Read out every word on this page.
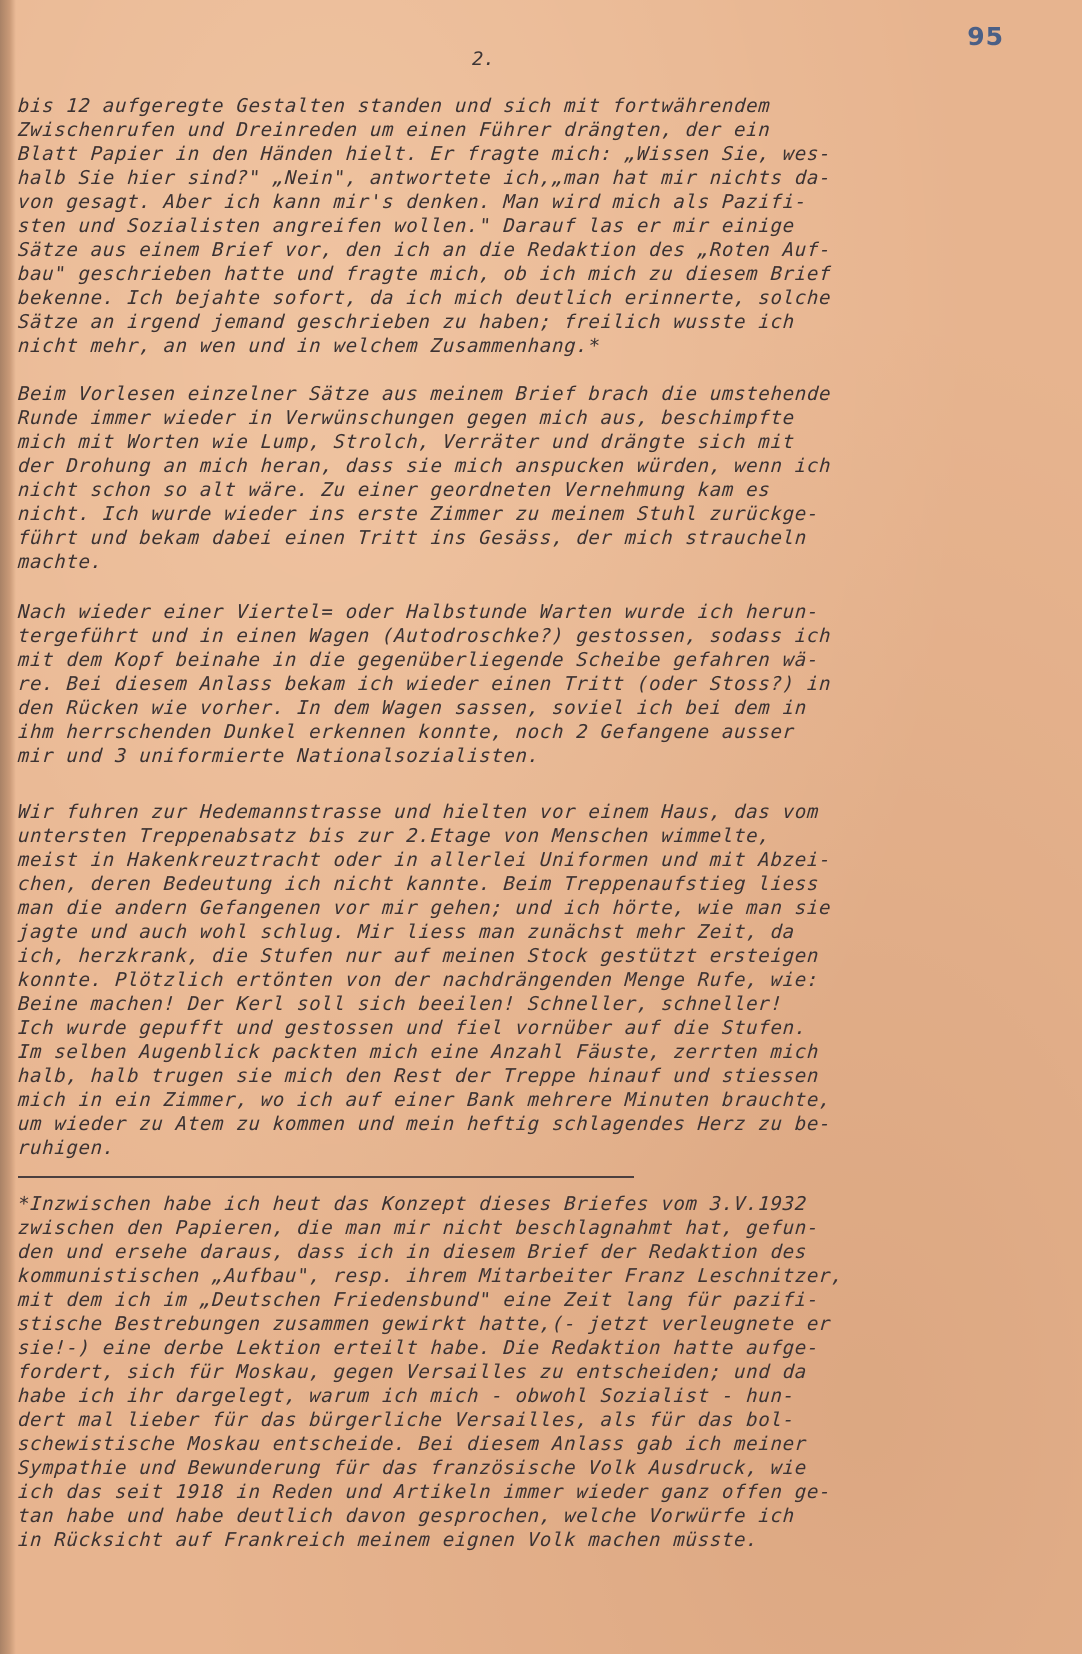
95
2.

bis 12 aufgeregte Gestalten standen und sich mit fortwährendem

Zwischenrufen und Dreinreden um einen Führer drängten, der ein

Blatt Papier in den Händen hielt. Er fragte mich: „Wissen Sie, wes-

halb Sie hier sind?" „Nein", antwortete ich,„man hat mir nichts da-

von gesagt. Aber ich kann mir's denken. Man wird mich als Pazifi-

sten und Sozialisten angreifen wollen." Darauf las er mir einige

Sätze aus einem Brief vor, den ich an die Redaktion des „Roten Auf-

bau" geschrieben hatte und fragte mich, ob ich mich zu diesem Brief

bekenne. Ich bejahte sofort, da ich mich deutlich erinnerte, solche

Sätze an irgend jemand geschrieben zu haben; freilich wusste ich

nicht mehr, an wen und in welchem Zusammenhang.*

Beim Vorlesen einzelner Sätze aus meinem Brief brach die umstehende

Runde immer wieder in Verwünschungen gegen mich aus, beschimpfte

mich mit Worten wie Lump, Strolch, Verräter und drängte sich mit

der Drohung an mich heran, dass sie mich anspucken würden, wenn ich

nicht schon so alt wäre. Zu einer geordneten Vernehmung kam es

nicht. Ich wurde wieder ins erste Zimmer zu meinem Stuhl zurückge-

führt und bekam dabei einen Tritt ins Gesäss, der mich straucheln

machte.

Nach wieder einer Viertel= oder Halbstunde Warten wurde ich herun-

tergeführt und in einen Wagen (Autodroschke?) gestossen, sodass ich

mit dem Kopf beinahe in die gegenüberliegende Scheibe gefahren wä-

re. Bei diesem Anlass bekam ich wieder einen Tritt (oder Stoss?) in

den Rücken wie vorher. In dem Wagen sassen, soviel ich bei dem in

ihm herrschenden Dunkel erkennen konnte, noch 2 Gefangene ausser

mir und 3 uniformierte Nationalsozialisten.

Wir fuhren zur Hedemannstrasse und hielten vor einem Haus, das vom

untersten Treppenabsatz bis zur 2.Etage von Menschen wimmelte,

meist in Hakenkreuztracht oder in allerlei Uniformen und mit Abzei-

chen, deren Bedeutung ich nicht kannte. Beim Treppenaufstieg liess

man die andern Gefangenen vor mir gehen; und ich hörte, wie man sie

jagte und auch wohl schlug. Mir liess man zunächst mehr Zeit, da

ich, herzkrank, die Stufen nur auf meinen Stock gestützt ersteigen

konnte. Plötzlich ertönten von der nachdrängenden Menge Rufe, wie:

Beine machen! Der Kerl soll sich beeilen! Schneller, schneller!

Ich wurde gepufft und gestossen und fiel vornüber auf die Stufen.

Im selben Augenblick packten mich eine Anzahl Fäuste, zerrten mich

halb, halb trugen sie mich den Rest der Treppe hinauf und stiessen

mich in ein Zimmer, wo ich auf einer Bank mehrere Minuten brauchte,

um wieder zu Atem zu kommen und mein heftig schlagendes Herz zu be-

ruhigen.

*Inzwischen habe ich heut das Konzept dieses Briefes vom 3.V.1932

zwischen den Papieren, die man mir nicht beschlagnahmt hat, gefun-

den und ersehe daraus, dass ich in diesem Brief der Redaktion des

kommunistischen „Aufbau", resp. ihrem Mitarbeiter Franz Leschnitzer,

mit dem ich im „Deutschen Friedensbund" eine Zeit lang für pazifi-

stische Bestrebungen zusammen gewirkt hatte,(- jetzt verleugnete er

sie!-) eine derbe Lektion erteilt habe. Die Redaktion hatte aufge-

fordert, sich für Moskau, gegen Versailles zu entscheiden; und da

habe ich ihr dargelegt, warum ich mich - obwohl Sozialist - hun-

dert mal lieber für das bürgerliche Versailles, als für das bol-

schewistische Moskau entscheide. Bei diesem Anlass gab ich meiner

Sympathie und Bewunderung für das französische Volk Ausdruck, wie

ich das seit 1918 in Reden und Artikeln immer wieder ganz offen ge-

tan habe und habe deutlich davon gesprochen, welche Vorwürfe ich

in Rücksicht auf Frankreich meinem eignen Volk machen müsste.
